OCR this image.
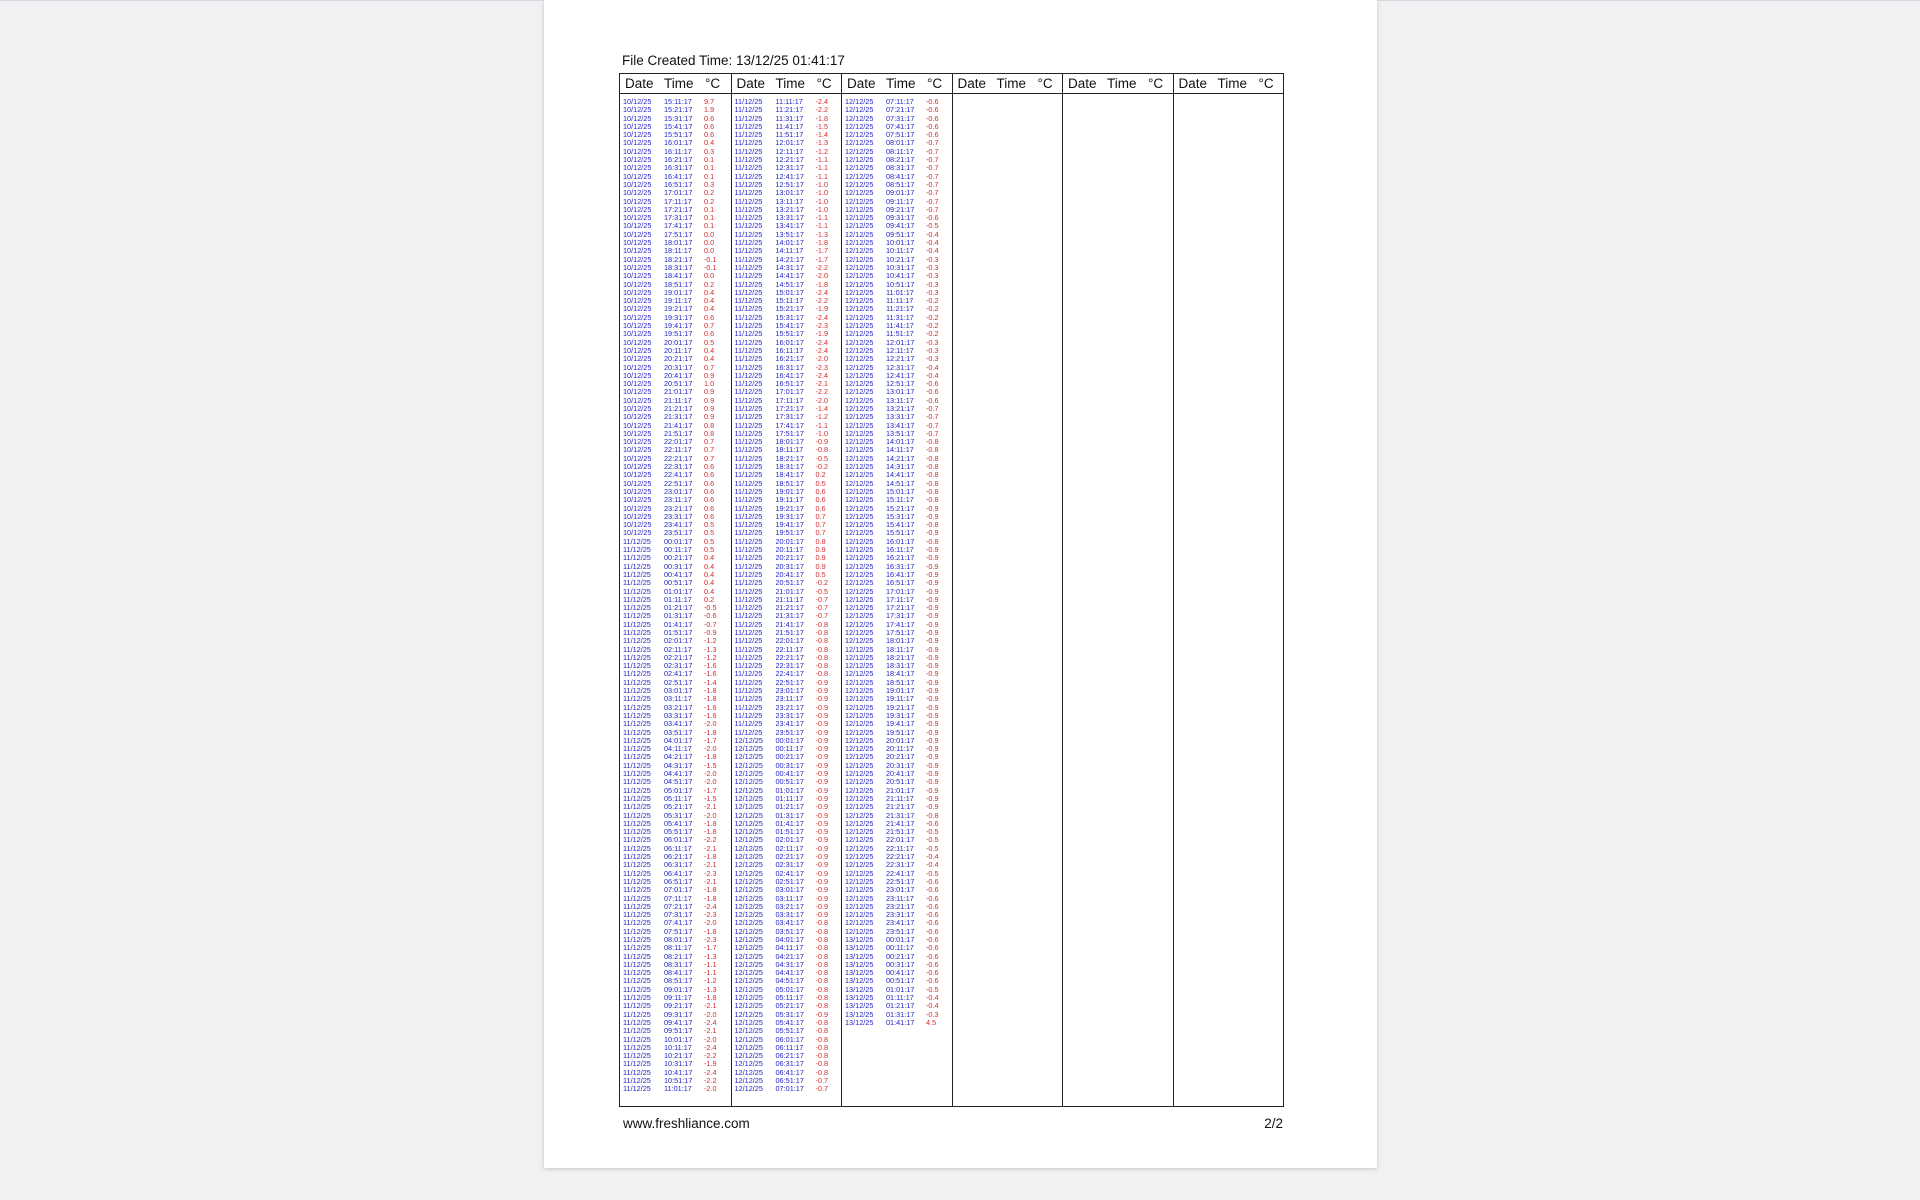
File Created Time: 13/12/25 01:41:17
Date Time °C
10/12/25 15:11:17 9.7
10/12/25 15:21:17 1.9
10/12/25 15:31:17 0.6
10/12/25 15:41:17 0.6
10/12/25 15:51:17 0.6
10/12/25 16:01:17 0.4
10/12/25 16:11:17 0.3
10/12/25 16:21:17 0.1
10/12/25 16:31:17 0.1
10/12/25 16:41:17 0.1
10/12/25 16:51:17 0.3
10/12/25 17:01:17 0.2
10/12/25 17:11:17 0.2
10/12/25 17:21:17 0.1
10/12/25 17:31:17 0.1
10/12/25 17:41:17 0.1
10/12/25 17:51:17 0.0
10/12/25 18:01:17 0.0
10/12/25 18:11:17 0.0
10/12/25 18:21:17 -0.1
10/12/25 18:31:17 -0.1
10/12/25 18:41:17 0.0
10/12/25 18:51:17 0.2
10/12/25 19:01:17 0.4
10/12/25 19:11:17 0.4
10/12/25 19:21:17 0.4
10/12/25 19:31:17 0.6
10/12/25 19:41:17 0.7
10/12/25 19:51:17 0.6
10/12/25 20:01:17 0.5
10/12/25 20:11:17 0.4
10/12/25 20:21:17 0.4
10/12/25 20:31:17 0.7
10/12/25 20:41:17 0.9
10/12/25 20:51:17 1.0
10/12/25 21:01:17 0.9
10/12/25 21:11:17 0.9
10/12/25 21:21:17 0.9
10/12/25 21:31:17 0.9
10/12/25 21:41:17 0.8
10/12/25 21:51:17 0.8
10/12/25 22:01:17 0.7
10/12/25 22:11:17 0.7
10/12/25 22:21:17 0.7
10/12/25 22:31:17 0.6
10/12/25 22:41:17 0.6
10/12/25 22:51:17 0.6
10/12/25 23:01:17 0.6
10/12/25 23:11:17 0.6
10/12/25 23:21:17 0.6
10/12/25 23:31:17 0.6
10/12/25 23:41:17 0.5
10/12/25 23:51:17 0.5
11/12/25 00:01:17 0.5
11/12/25 00:11:17 0.5
11/12/25 00:21:17 0.4
11/12/25 00:31:17 0.4
11/12/25 00:41:17 0.4
11/12/25 00:51:17 0.4
11/12/25 01:01:17 0.4
11/12/25 01:11:17 0.2
11/12/25 01:21:17 -0.5
11/12/25 01:31:17 -0.6
11/12/25 01:41:17 -0.7
11/12/25 01:51:17 -0.9
11/12/25 02:01:17 -1.2
11/12/25 02:11:17 -1.3
11/12/25 02:21:17 -1.2
11/12/25 02:31:17 -1.6
11/12/25 02:41:17 -1.6
11/12/25 02:51:17 -1.4
11/12/25 03:01:17 -1.8
11/12/25 03:11:17 -1.8
11/12/25 03:21:17 -1.6
11/12/25 03:31:17 -1.6
11/12/25 03:41:17 -2.0
11/12/25 03:51:17 -1.8
11/12/25 04:01:17 -1.7
11/12/25 04:11:17 -2.0
11/12/25 04:21:17 -1.8
11/12/25 04:31:17 -1.5
11/12/25 04:41:17 -2.0
11/12/25 04:51:17 -2.0
11/12/25 05:01:17 -1.7
11/12/25 05:11:17 -1.5
11/12/25 05:21:17 -2.1
11/12/25 05:31:17 -2.0
11/12/25 05:41:17 -1.8
11/12/25 05:51:17 -1.8
11/12/25 06:01:17 -2.2
11/12/25 06:11:17 -2.1
11/12/25 06:21:17 -1.8
11/12/25 06:31:17 -2.1
11/12/25 06:41:17 -2.3
11/12/25 06:51:17 -2.1
11/12/25 07:01:17 -1.8
11/12/25 07:11:17 -1.8
11/12/25 07:21:17 -2.4
11/12/25 07:31:17 -2.3
11/12/25 07:41:17 -2.0
11/12/25 07:51:17 -1.8
11/12/25 08:01:17 -2.3
11/12/25 08:11:17 -1.7
11/12/25 08:21:17 -1.3
11/12/25 08:31:17 -1.1
11/12/25 08:41:17 -1.1
11/12/25 08:51:17 -1.2
11/12/25 09:01:17 -1.3
11/12/25 09:11:17 -1.8
11/12/25 09:21:17 -2.1
11/12/25 09:31:17 -2.0
11/12/25 09:41:17 -2.4
11/12/25 09:51:17 -2.1
11/12/25 10:01:17 -2.0
11/12/25 10:11:17 -2.4
11/12/25 10:21:17 -2.2
11/12/25 10:31:17 -1.9
11/12/25 10:41:17 -2.4
11/12/25 10:51:17 -2.2
11/12/25 11:01:17 -2.0
Date Time °C
11/12/25 11:11:17 -2.4
11/12/25 11:21:17 -2.2
11/12/25 11:31:17 -1.8
11/12/25 11:41:17 -1.5
11/12/25 11:51:17 -1.4
11/12/25 12:01:17 -1.3
11/12/25 12:11:17 -1.2
11/12/25 12:21:17 -1.1
11/12/25 12:31:17 -1.1
11/12/25 12:41:17 -1.1
11/12/25 12:51:17 -1.0
11/12/25 13:01:17 -1.0
11/12/25 13:11:17 -1.0
11/12/25 13:21:17 -1.0
11/12/25 13:31:17 -1.1
11/12/25 13:41:17 -1.1
11/12/25 13:51:17 -1.3
11/12/25 14:01:17 -1.8
11/12/25 14:11:17 -1.7
11/12/25 14:21:17 -1.7
11/12/25 14:31:17 -2.2
11/12/25 14:41:17 -2.0
11/12/25 14:51:17 -1.8
11/12/25 15:01:17 -2.4
11/12/25 15:11:17 -2.2
11/12/25 15:21:17 -1.9
11/12/25 15:31:17 -2.4
11/12/25 15:41:17 -2.3
11/12/25 15:51:17 -1.9
11/12/25 16:01:17 -2.4
11/12/25 16:11:17 -2.4
11/12/25 16:21:17 -2.0
11/12/25 16:31:17 -2.3
11/12/25 16:41:17 -2.4
11/12/25 16:51:17 -2.1
11/12/25 17:01:17 -2.2
11/12/25 17:11:17 -2.0
11/12/25 17:21:17 -1.4
11/12/25 17:31:17 -1.2
11/12/25 17:41:17 -1.1
11/12/25 17:51:17 -1.0
11/12/25 18:01:17 -0.9
11/12/25 18:11:17 -0.8
11/12/25 18:21:17 -0.5
11/12/25 18:31:17 -0.2
11/12/25 18:41:17 0.2
11/12/25 18:51:17 0.5
11/12/25 19:01:17 0.6
11/12/25 19:11:17 0.6
11/12/25 19:21:17 0.6
11/12/25 19:31:17 0.7
11/12/25 19:41:17 0.7
11/12/25 19:51:17 0.7
11/12/25 20:01:17 0.8
11/12/25 20:11:17 0.9
11/12/25 20:21:17 0.9
11/12/25 20:31:17 0.9
11/12/25 20:41:17 0.5
11/12/25 20:51:17 -0.2
11/12/25 21:01:17 -0.5
11/12/25 21:11:17 -0.7
11/12/25 21:21:17 -0.7
11/12/25 21:31:17 -0.7
11/12/25 21:41:17 -0.8
11/12/25 21:51:17 -0.8
11/12/25 22:01:17 -0.8
11/12/25 22:11:17 -0.8
11/12/25 22:21:17 -0.8
11/12/25 22:31:17 -0.8
11/12/25 22:41:17 -0.8
11/12/25 22:51:17 -0.9
11/12/25 23:01:17 -0.9
11/12/25 23:11:17 -0.9
11/12/25 23:21:17 -0.9
11/12/25 23:31:17 -0.9
11/12/25 23:41:17 -0.9
11/12/25 23:51:17 -0.9
12/12/25 00:01:17 -0.9
12/12/25 00:11:17 -0.9
12/12/25 00:21:17 -0.9
12/12/25 00:31:17 -0.9
12/12/25 00:41:17 -0.9
12/12/25 00:51:17 -0.9
12/12/25 01:01:17 -0.9
12/12/25 01:11:17 -0.9
12/12/25 01:21:17 -0.9
12/12/25 01:31:17 -0.9
12/12/25 01:41:17 -0.9
12/12/25 01:51:17 -0.9
12/12/25 02:01:17 -0.9
12/12/25 02:11:17 -0.9
12/12/25 02:21:17 -0.9
12/12/25 02:31:17 -0.9
12/12/25 02:41:17 -0.9
12/12/25 02:51:17 -0.9
12/12/25 03:01:17 -0.9
12/12/25 03:11:17 -0.9
12/12/25 03:21:17 -0.9
12/12/25 03:31:17 -0.9
12/12/25 03:41:17 -0.8
12/12/25 03:51:17 -0.8
12/12/25 04:01:17 -0.8
12/12/25 04:11:17 -0.8
12/12/25 04:21:17 -0.8
12/12/25 04:31:17 -0.8
12/12/25 04:41:17 -0.8
12/12/25 04:51:17 -0.8
12/12/25 05:01:17 -0.8
12/12/25 05:11:17 -0.8
12/12/25 05:21:17 -0.8
12/12/25 05:31:17 -0.9
12/12/25 05:41:17 -0.8
12/12/25 05:51:17 -0.8
12/12/25 06:01:17 -0.8
12/12/25 06:11:17 -0.8
12/12/25 06:21:17 -0.8
12/12/25 06:31:17 -0.8
12/12/25 06:41:17 -0.8
12/12/25 06:51:17 -0.7
12/12/25 07:01:17 -0.7
Date Time °C
12/12/25 07:11:17 -0.6
12/12/25 07:21:17 -0.6
12/12/25 07:31:17 -0.6
12/12/25 07:41:17 -0.6
12/12/25 07:51:17 -0.6
12/12/25 08:01:17 -0.7
12/12/25 08:11:17 -0.7
12/12/25 08:21:17 -0.7
12/12/25 08:31:17 -0.7
12/12/25 08:41:17 -0.7
12/12/25 08:51:17 -0.7
12/12/25 09:01:17 -0.7
12/12/25 09:11:17 -0.7
12/12/25 09:21:17 -0.7
12/12/25 09:31:17 -0.6
12/12/25 09:41:17 -0.5
12/12/25 09:51:17 -0.4
12/12/25 10:01:17 -0.4
12/12/25 10:11:17 -0.4
12/12/25 10:21:17 -0.3
12/12/25 10:31:17 -0.3
12/12/25 10:41:17 -0.3
12/12/25 10:51:17 -0.3
12/12/25 11:01:17 -0.3
12/12/25 11:11:17 -0.2
12/12/25 11:21:17 -0.2
12/12/25 11:31:17 -0.2
12/12/25 11:41:17 -0.2
12/12/25 11:51:17 -0.2
12/12/25 12:01:17 -0.3
12/12/25 12:11:17 -0.3
12/12/25 12:21:17 -0.3
12/12/25 12:31:17 -0.4
12/12/25 12:41:17 -0.4
12/12/25 12:51:17 -0.6
12/12/25 13:01:17 -0.6
12/12/25 13:11:17 -0.6
12/12/25 13:21:17 -0.7
12/12/25 13:31:17 -0.7
12/12/25 13:41:17 -0.7
12/12/25 13:51:17 -0.7
12/12/25 14:01:17 -0.8
12/12/25 14:11:17 -0.8
12/12/25 14:21:17 -0.8
12/12/25 14:31:17 -0.8
12/12/25 14:41:17 -0.8
12/12/25 14:51:17 -0.8
12/12/25 15:01:17 -0.8
12/12/25 15:11:17 -0.8
12/12/25 15:21:17 -0.9
12/12/25 15:31:17 -0.9
12/12/25 15:41:17 -0.8
12/12/25 15:51:17 -0.9
12/12/25 16:01:17 -0.8
12/12/25 16:11:17 -0.9
12/12/25 16:21:17 -0.9
12/12/25 16:31:17 -0.9
12/12/25 16:41:17 -0.9
12/12/25 16:51:17 -0.9
12/12/25 17:01:17 -0.9
12/12/25 17:11:17 -0.9
12/12/25 17:21:17 -0.9
12/12/25 17:31:17 -0.9
12/12/25 17:41:17 -0.9
12/12/25 17:51:17 -0.9
12/12/25 18:01:17 -0.9
12/12/25 18:11:17 -0.9
12/12/25 18:21:17 -0.9
12/12/25 18:31:17 -0.9
12/12/25 18:41:17 -0.9
12/12/25 18:51:17 -0.9
12/12/25 19:01:17 -0.9
12/12/25 19:11:17 -0.9
12/12/25 19:21:17 -0.9
12/12/25 19:31:17 -0.9
12/12/25 19:41:17 -0.9
12/12/25 19:51:17 -0.9
12/12/25 20:01:17 -0.9
12/12/25 20:11:17 -0.9
12/12/25 20:21:17 -0.9
12/12/25 20:31:17 -0.9
12/12/25 20:41:17 -0.9
12/12/25 20:51:17 -0.9
12/12/25 21:01:17 -0.9
12/12/25 21:11:17 -0.9
12/12/25 21:21:17 -0.9
12/12/25 21:31:17 -0.8
12/12/25 21:41:17 -0.6
12/12/25 21:51:17 -0.5
12/12/25 22:01:17 -0.5
12/12/25 22:11:17 -0.5
12/12/25 22:21:17 -0.4
12/12/25 22:31:17 -0.4
12/12/25 22:41:17 -0.5
12/12/25 22:51:17 -0.6
12/12/25 23:01:17 -0.6
12/12/25 23:11:17 -0.6
12/12/25 23:21:17 -0.6
12/12/25 23:31:17 -0.6
12/12/25 23:41:17 -0.6
12/12/25 23:51:17 -0.6
13/12/25 00:01:17 -0.6
13/12/25 00:11:17 -0.6
13/12/25 00:21:17 -0.6
13/12/25 00:31:17 -0.6
13/12/25 00:41:17 -0.6
13/12/25 00:51:17 -0.6
13/12/25 01:01:17 -0.5
13/12/25 01:11:17 -0.4
13/12/25 01:21:17 -0.4
13/12/25 01:31:17 -0.3
13/12/25 01:41:17 4.5
Date Time °C Date Time °C Date Time °C
www.freshliance.com	2/2
